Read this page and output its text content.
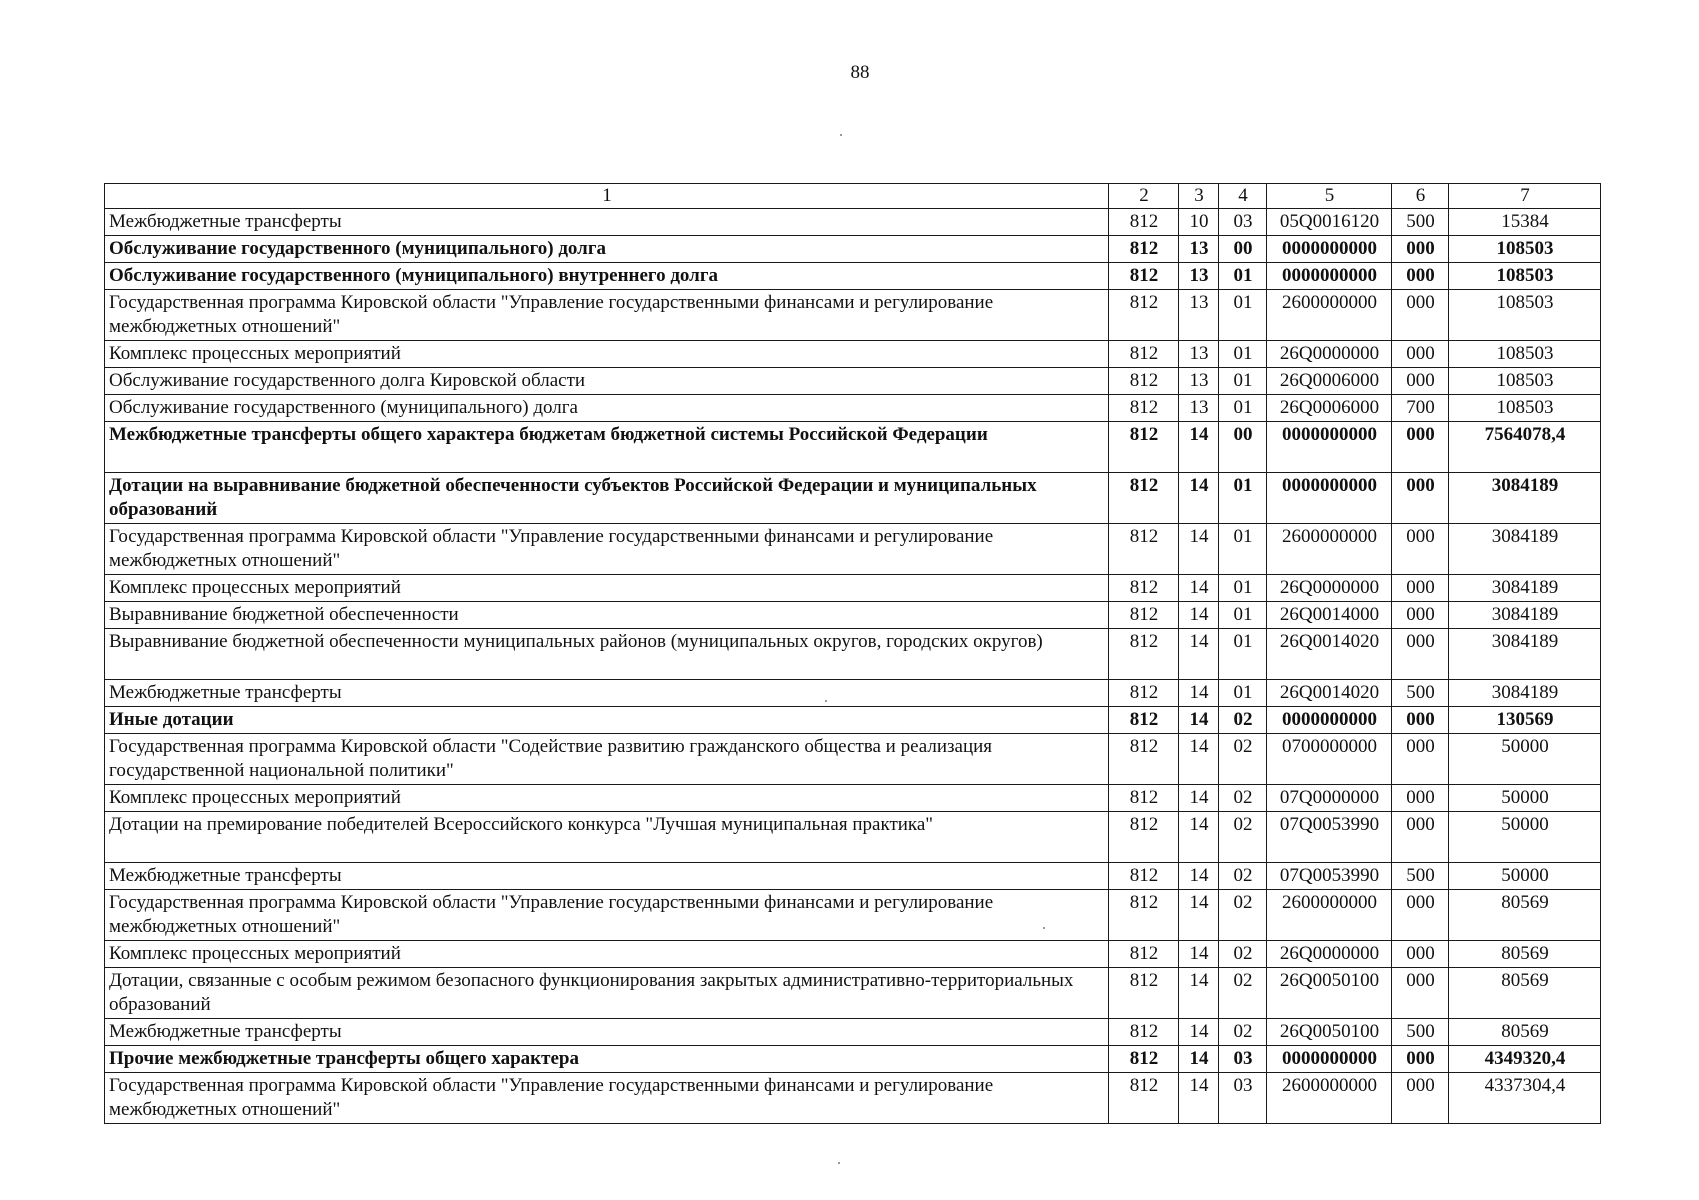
88
1	2	3	4	5	6	7
Межбюджетные трансферты	812	10	03	05Q0016120	500	15384
Обслуживание государственного (муниципального) долга	812	13	00	0000000000	000	108503
Обслуживание государственного (муниципального) внутреннего долга	812	13	01	0000000000	000	108503
Государственная программа Кировской области "Управление государственными финансами и регулирование межбюджетных отношений"	812	13	01	2600000000	000	108503
Комплекс процессных мероприятий	812	13	01	26Q0000000	000	108503
Обслуживание государственного долга Кировской области	812	13	01	26Q0006000	000	108503
Обслуживание государственного (муниципального) долга	812	13	01	26Q0006000	700	108503
Межбюджетные трансферты общего характера бюджетам бюджетной системы Российской Федерации	812	14	00	0000000000	000	7564078,4
Дотации на выравнивание бюджетной обеспеченности субъектов Российской Федерации и муниципальных образований	812	14	01	0000000000	000	3084189
Государственная программа Кировской области "Управление государственными финансами и регулирование межбюджетных отношений"	812	14	01	2600000000	000	3084189
Комплекс процессных мероприятий	812	14	01	26Q0000000	000	3084189
Выравнивание бюджетной обеспеченности	812	14	01	26Q0014000	000	3084189
Выравнивание бюджетной обеспеченности муниципальных районов (муниципальных округов, городских округов)	812	14	01	26Q0014020	000	3084189
Межбюджетные трансферты	812	14	01	26Q0014020	500	3084189
Иные дотации	812	14	02	0000000000	000	130569
Государственная программа Кировской области "Содействие развитию гражданского общества и реализация государственной национальной политики"	812	14	02	0700000000	000	50000
Комплекс процессных мероприятий	812	14	02	07Q0000000	000	50000
Дотации на премирование победителей Всероссийского конкурса "Лучшая муниципальная практика"	812	14	02	07Q0053990	000	50000
Межбюджетные трансферты	812	14	02	07Q0053990	500	50000
Государственная программа Кировской области "Управление государственными финансами и регулирование межбюджетных отношений"	812	14	02	2600000000	000	80569
Комплекс процессных мероприятий	812	14	02	26Q0000000	000	80569
Дотации, связанные с особым режимом безопасного функционирования закрытых административно-территориальных образований	812	14	02	26Q0050100	000	80569
Межбюджетные трансферты	812	14	02	26Q0050100	500	80569
Прочие межбюджетные трансферты общего характера	812	14	03	0000000000	000	4349320,4
Государственная программа Кировской области "Управление государственными финансами и регулирование межбюджетных отношений"	812	14	03	2600000000	000	4337304,4
